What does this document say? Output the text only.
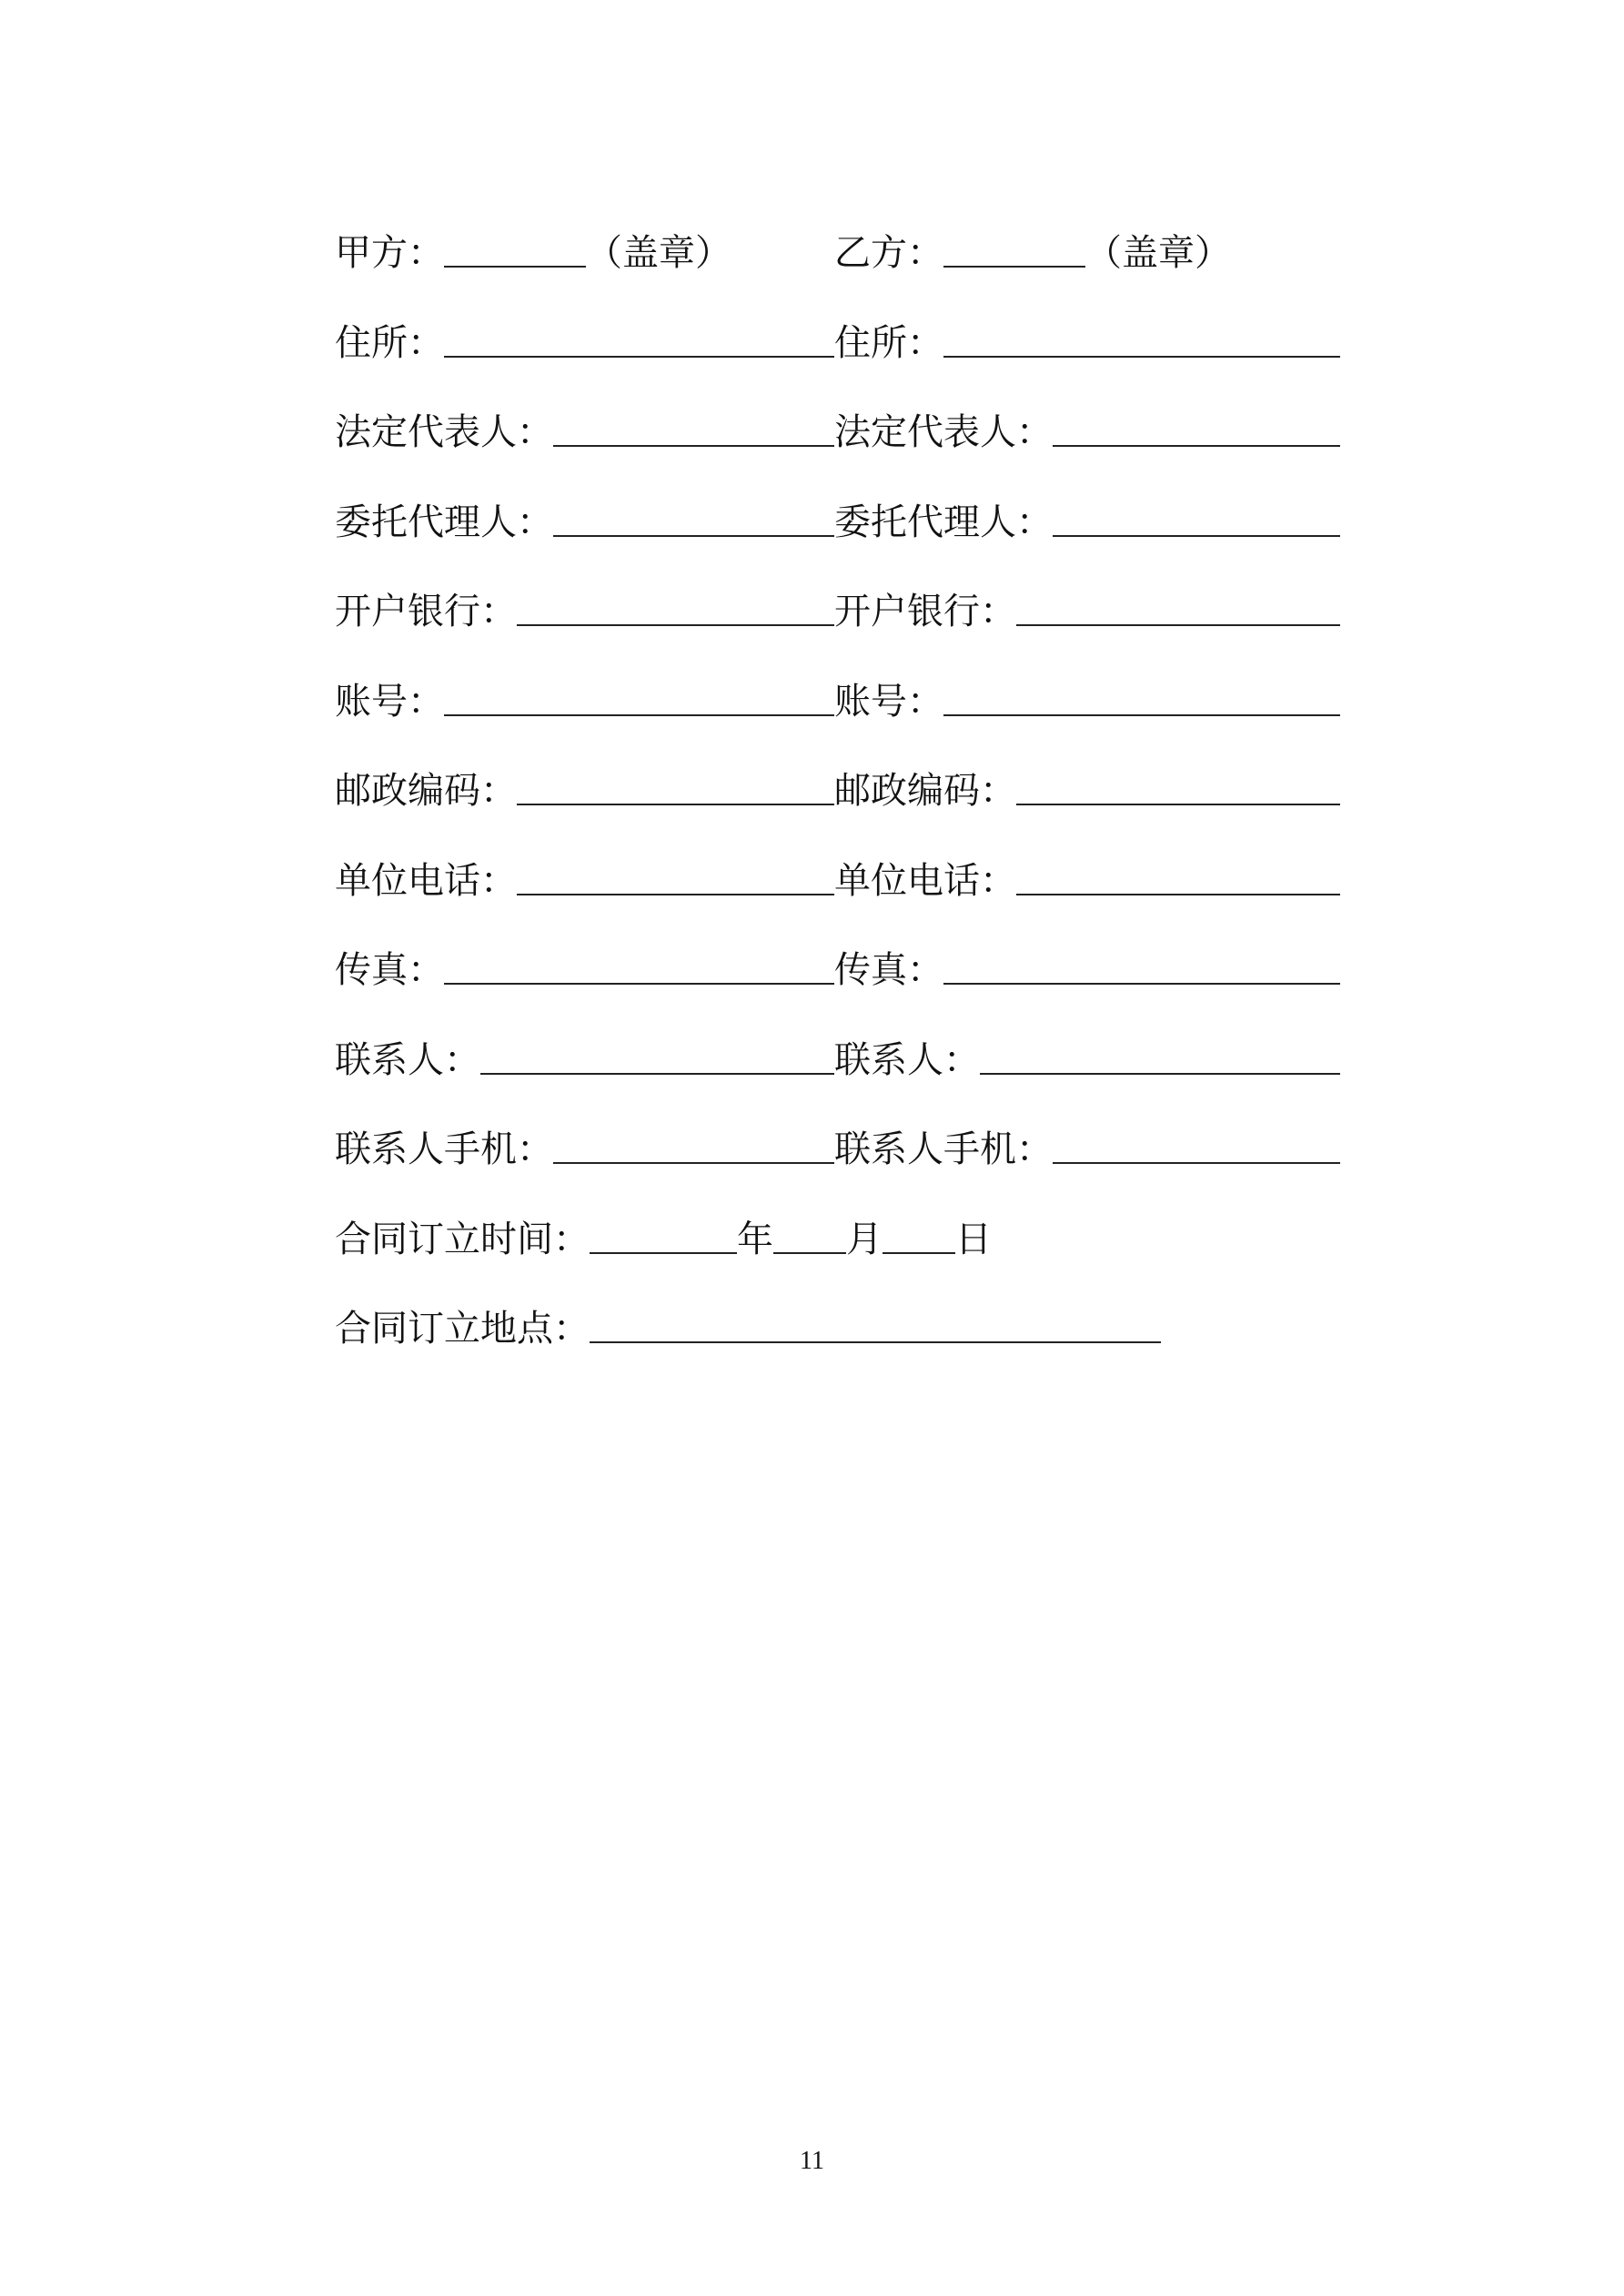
甲方：	（盖章）	乙方：	（盖章）
住所：	住所：
法定代表人：	法定代表人：
委托代理人：	委托代理人：
开户银行：	开户银行：
账号：	账号：
邮政编码：	邮政编码：
单位电话：	单位电话：
传真：	传真：
联系人：	联系人：
联系人手机：	联系人手机：
合同订立时间：	年 月 日
合同订立地点：
11
